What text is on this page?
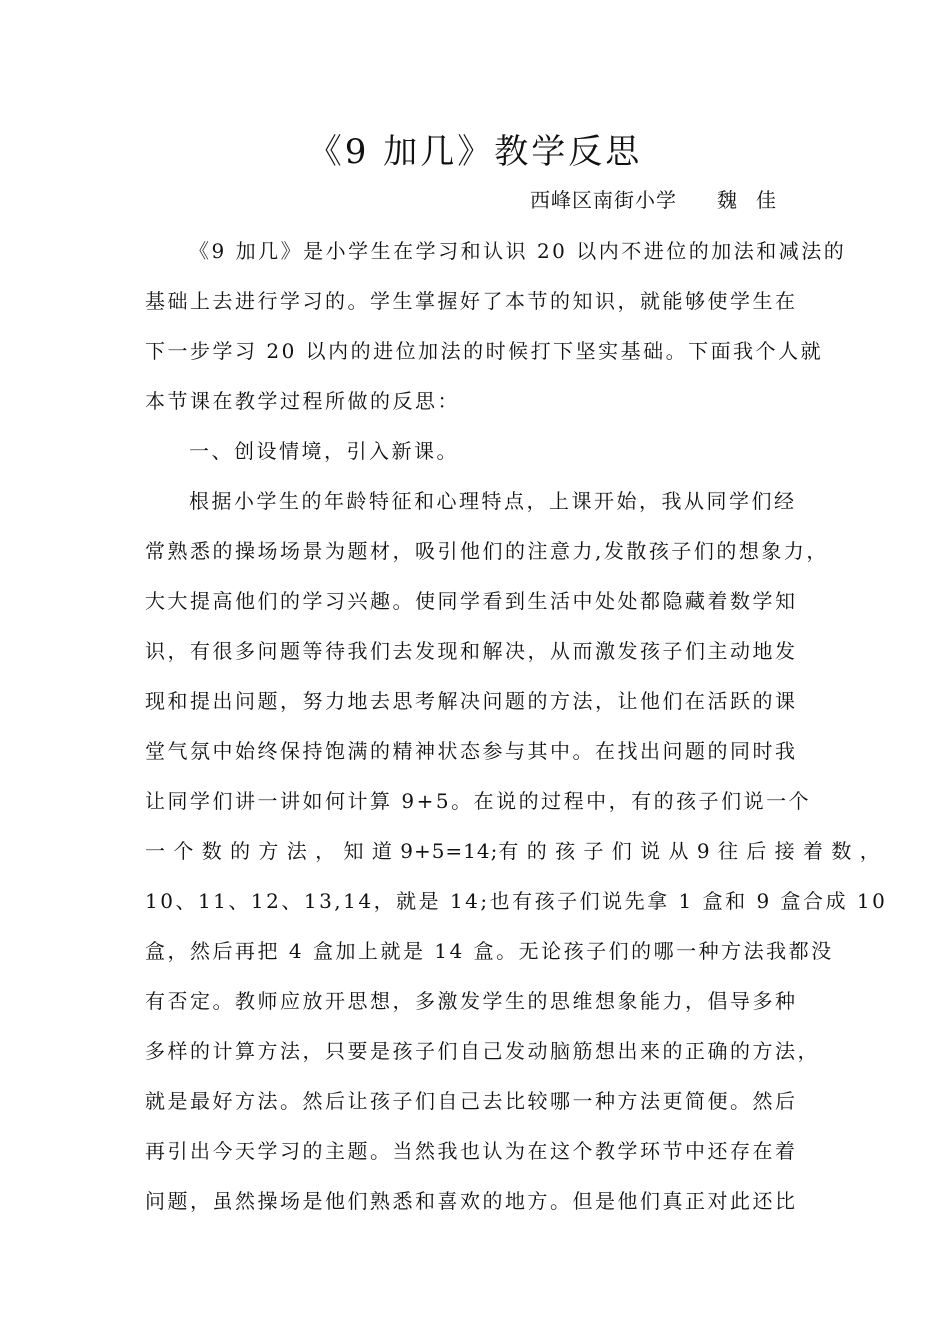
《9 加几》教学反思
西峰区南街小学 魏 佳
《9 加几》是小学生在学习和认识 20 以内不进位的加法和减法的
基础上去进行学习的。学生掌握好了本节的知识，就能够使学生在
下一步学习 20 以内的进位加法的时候打下坚实基础。下面我个人就
本节课在教学过程所做的反思：
一、创设情境，引入新课。
根据小学生的年龄特征和心理特点，上课开始，我从同学们经
常熟悉的操场场景为题材，吸引他们的注意力,发散孩子们的想象力，
大大提高他们的学习兴趣。使同学看到生活中处处都隐藏着数学知
识，有很多问题等待我们去发现和解决，从而激发孩子们主动地发
现和提出问题，努力地去思考解决问题的方法，让他们在活跃的课
堂气氛中始终保持饱满的精神状态参与其中。在找出问题的同时我
让同学们讲一讲如何计算 9+5。在说的过程中，有的孩子们说一个
一 个 数 的 方 法 ， 知 道 9+5=14;有 的 孩 子 们 说 从 9 往 后 接 着 数 ，
10、11、12、13,14，就是 14;也有孩子们说先拿 1 盒和 9 盒合成 10
盒，然后再把 4 盒加上就是 14 盒。无论孩子们的哪一种方法我都没
有否定。教师应放开思想，多激发学生的思维想象能力，倡导多种
多样的计算方法，只要是孩子们自己发动脑筋想出来的正确的方法，
就是最好方法。然后让孩子们自己去比较哪一种方法更简便。然后
再引出今天学习的主题。当然我也认为在这个教学环节中还存在着
问题，虽然操场是他们熟悉和喜欢的地方。但是他们真正对此还比
